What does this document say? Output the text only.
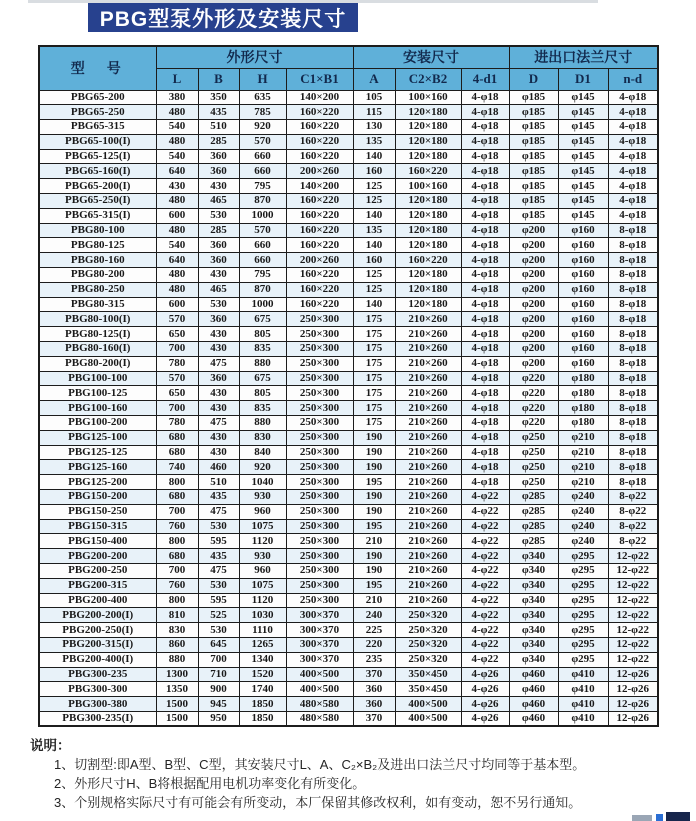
PBG型泵外形及安装尺寸
型　号	外形尺寸				安装尺寸			进出口法兰尺寸		
	L	B	H	C1×B1	A	C2×B2	4-d1	D	D1	n-d
PBG65-200	380	350	635	140×200	105	100×160	4-φ18	φ185	φ145	4-φ18
PBG65-250	480	435	785	160×220	115	120×180	4-φ18	φ185	φ145	4-φ18
PBG65-315	540	510	920	160×220	130	120×180	4-φ18	φ185	φ145	4-φ18
PBG65-100(I)	480	285	570	160×220	135	120×180	4-φ18	φ185	φ145	4-φ18
PBG65-125(I)	540	360	660	160×220	140	120×180	4-φ18	φ185	φ145	4-φ18
PBG65-160(I)	640	360	660	200×260	160	160×220	4-φ18	φ185	φ145	4-φ18
PBG65-200(I)	430	430	795	140×200	125	100×160	4-φ18	φ185	φ145	4-φ18
PBG65-250(I)	480	465	870	160×220	125	120×180	4-φ18	φ185	φ145	4-φ18
PBG65-315(I)	600	530	1000	160×220	140	120×180	4-φ18	φ185	φ145	4-φ18
PBG80-100	480	285	570	160×220	135	120×180	4-φ18	φ200	φ160	8-φ18
PBG80-125	540	360	660	160×220	140	120×180	4-φ18	φ200	φ160	8-φ18
PBG80-160	640	360	660	200×260	160	160×220	4-φ18	φ200	φ160	8-φ18
PBG80-200	480	430	795	160×220	125	120×180	4-φ18	φ200	φ160	8-φ18
PBG80-250	480	465	870	160×220	125	120×180	4-φ18	φ200	φ160	8-φ18
PBG80-315	600	530	1000	160×220	140	120×180	4-φ18	φ200	φ160	8-φ18
PBG80-100(I)	570	360	675	250×300	175	210×260	4-φ18	φ200	φ160	8-φ18
PBG80-125(I)	650	430	805	250×300	175	210×260	4-φ18	φ200	φ160	8-φ18
PBG80-160(I)	700	430	835	250×300	175	210×260	4-φ18	φ200	φ160	8-φ18
PBG80-200(I)	780	475	880	250×300	175	210×260	4-φ18	φ200	φ160	8-φ18
PBG100-100	570	360	675	250×300	175	210×260	4-φ18	φ220	φ180	8-φ18
PBG100-125	650	430	805	250×300	175	210×260	4-φ18	φ220	φ180	8-φ18
PBG100-160	700	430	835	250×300	175	210×260	4-φ18	φ220	φ180	8-φ18
PBG100-200	780	475	880	250×300	175	210×260	4-φ18	φ220	φ180	8-φ18
PBG125-100	680	430	830	250×300	190	210×260	4-φ18	φ250	φ210	8-φ18
PBG125-125	680	430	840	250×300	190	210×260	4-φ18	φ250	φ210	8-φ18
PBG125-160	740	460	920	250×300	190	210×260	4-φ18	φ250	φ210	8-φ18
PBG125-200	800	510	1040	250×300	195	210×260	4-φ18	φ250	φ210	8-φ18
PBG150-200	680	435	930	250×300	190	210×260	4-φ22	φ285	φ240	8-φ22
PBG150-250	700	475	960	250×300	190	210×260	4-φ22	φ285	φ240	8-φ22
PBG150-315	760	530	1075	250×300	195	210×260	4-φ22	φ285	φ240	8-φ22
PBG150-400	800	595	1120	250×300	210	210×260	4-φ22	φ285	φ240	8-φ22
PBG200-200	680	435	930	250×300	190	210×260	4-φ22	φ340	φ295	12-φ22
PBG200-250	700	475	960	250×300	190	210×260	4-φ22	φ340	φ295	12-φ22
PBG200-315	760	530	1075	250×300	195	210×260	4-φ22	φ340	φ295	12-φ22
PBG200-400	800	595	1120	250×300	210	210×260	4-φ22	φ340	φ295	12-φ22
PBG200-200(I)	810	525	1030	300×370	240	250×320	4-φ22	φ340	φ295	12-φ22
PBG200-250(I)	830	530	1110	300×370	225	250×320	4-φ22	φ340	φ295	12-φ22
PBG200-315(I)	860	645	1265	300×370	220	250×320	4-φ22	φ340	φ295	12-φ22
PBG200-400(I)	880	700	1340	300×370	235	250×320	4-φ22	φ340	φ295	12-φ22
PBG300-235	1300	710	1520	400×500	370	350×450	4-φ26	φ460	φ410	12-φ26
PBG300-300	1350	900	1740	400×500	360	350×450	4-φ26	φ460	φ410	12-φ26
PBG300-380	1500	945	1850	480×580	360	400×500	4-φ26	φ460	φ410	12-φ26
PBG300-235(I)	1500	950	1850	480×580	370	400×500	4-φ26	φ460	φ410	12-φ26
说明：
1、切割型:即A型、B型、C型，其安装尺寸L、A、C₂×B₂及进出口法兰尺寸均同等于基本型。
2、外形尺寸H、B将根据配用电机功率变化有所变化。
3、个别规格实际尺寸有可能会有所变动，本厂保留其修改权利，如有变动，恕不另行通知。
